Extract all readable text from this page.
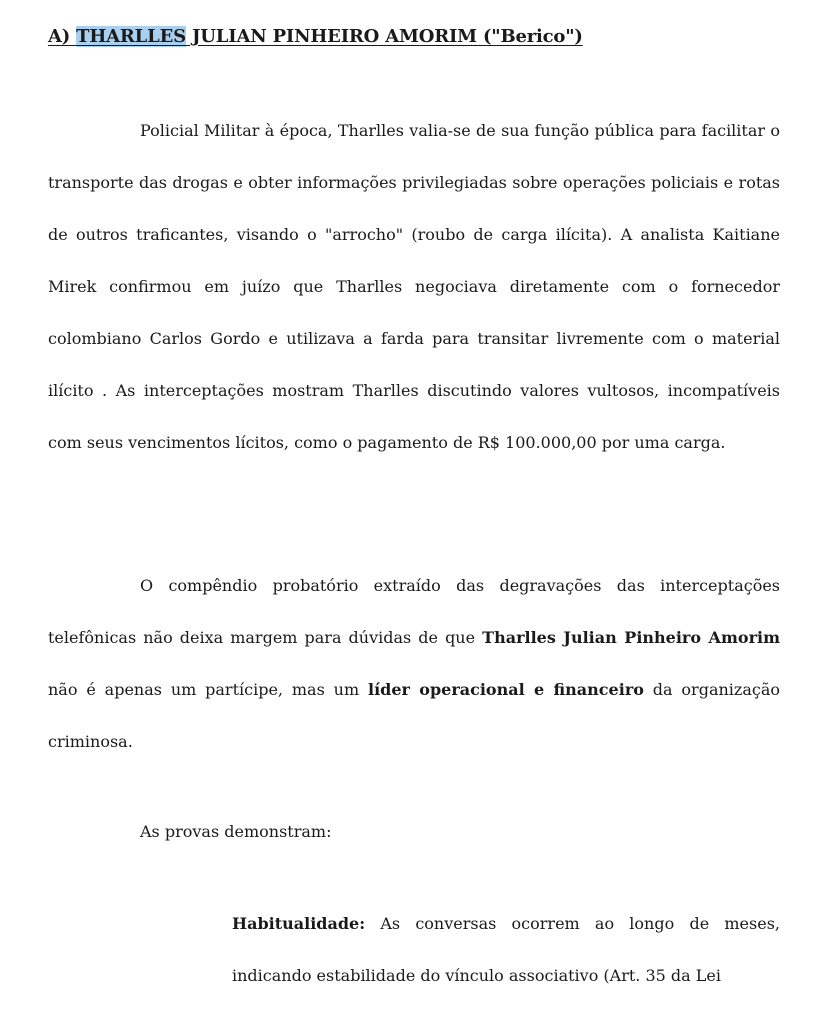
A) THARLLES JULIAN PINHEIRO AMORIM ("Berico")

Policial Militar à época, Tharlles valia-se de sua função pública para facilitar o transporte das drogas e obter informações privilegiadas sobre operações policiais e rotas de outros traficantes, visando o "arrocho" (roubo de carga ilícita). A analista Kaitiane Mirek confirmou em juízo que Tharlles negociava diretamente com o fornecedor colombiano Carlos Gordo e utilizava a farda para transitar livremente com o material ilícito . As interceptações mostram Tharlles discutindo valores vultosos, incompatíveis com seus vencimentos lícitos, como o pagamento de R$ 100.000,00 por uma carga.

O compêndio probatório extraído das degravações das interceptações telefônicas não deixa margem para dúvidas de que Tharlles Julian Pinheiro Amorim não é apenas um partícipe, mas um líder operacional e financeiro da organização criminosa.

As provas demonstram:

Habitualidade: As conversas ocorrem ao longo de meses, indicando estabilidade do vínculo associativo (Art. 35 da Lei
